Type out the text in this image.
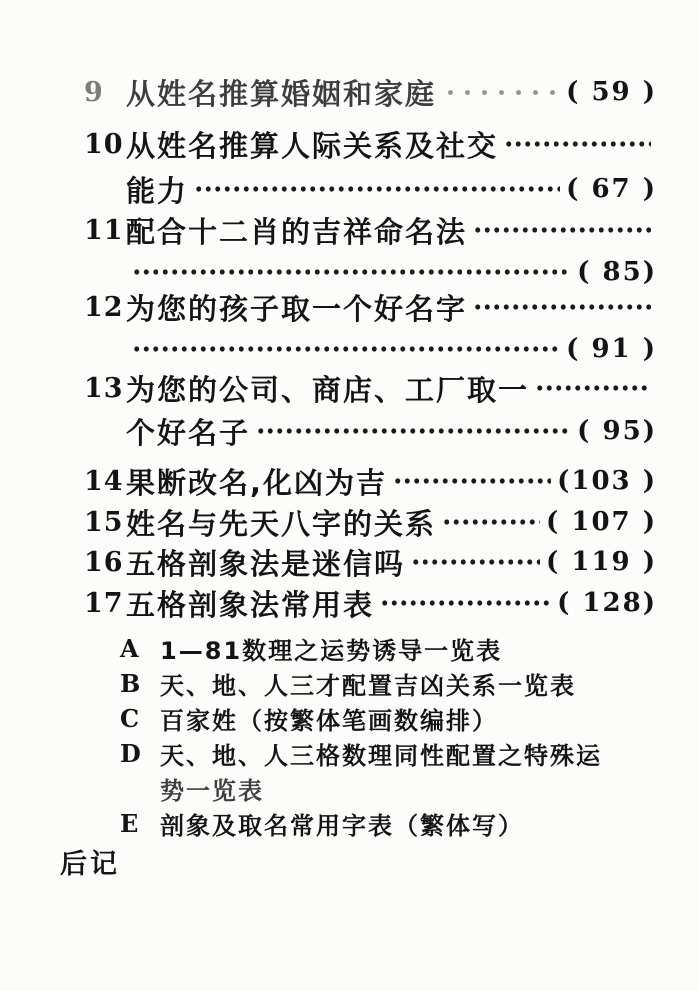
9 从姓名推算婚姻和家庭	( 59 )
10 从姓名推算人际关系及社交
能力	( 67 )
11 配合十二肖的吉祥命名法
( 85)
12 为您的孩子取一个好名字
( 91 )
13 为您的公司、商店、工厂取一
个好名子	( 95)
14 果断改名,化凶为吉	(103 )
15 姓名与先天八字的关系	( 107 )
16 五格剖象法是迷信吗	( 119 )
17 五格剖象法常用表	( 128)
A 1—81数理之运势诱导一览表
B 天、地、人三才配置吉凶关系一览表
C 百家姓（按繁体笔画数编排）
D 天、地、人三格数理同性配置之特殊运
势一览表
E 剖象及取名常用字表（繁体写）
后记
